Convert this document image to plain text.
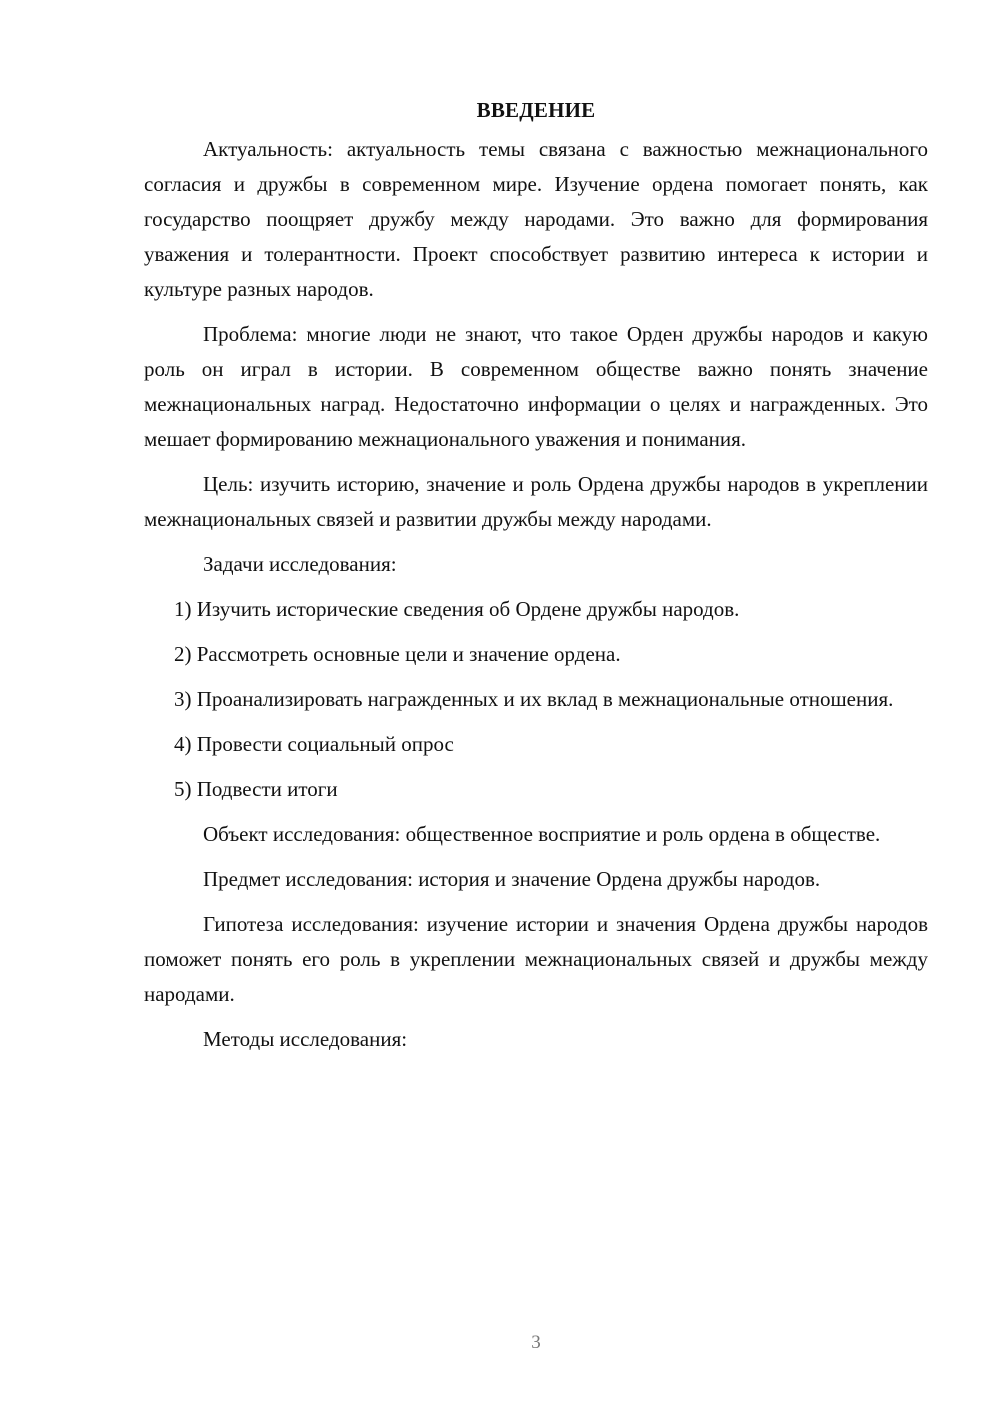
ВВЕДЕНИЕ

Актуальность: актуальность темы связана с важностью межнационального согласия и дружбы в современном мире. Изучение ордена помогает понять, как государство поощряет дружбу между народами. Это важно для формирования уважения и толерантности. Проект способствует развитию интереса к истории и культуре разных народов.

Проблема: многие люди не знают, что такое Орден дружбы народов и какую роль он играл в истории. В современном обществе важно понять значение межнациональных наград. Недостаточно информации о целях и награжденных. Это мешает формированию межнационального уважения и понимания.

Цель: изучить историю, значение и роль Ордена дружбы народов в укреплении межнациональных связей и развитии дружбы между народами.

Задачи исследования:

1) Изучить исторические сведения об Ордене дружбы народов.

2) Рассмотреть основные цели и значение ордена.

3) Проанализировать награжденных и их вклад в межнациональные отношения.

4) Провести социальный опрос

5) Подвести итоги

Объект исследования: общественное восприятие и роль ордена в обществе.

Предмет исследования: история и значение Ордена дружбы народов.

Гипотеза исследования: изучение истории и значения Ордена дружбы народов поможет понять его роль в укреплении межнациональных связей и дружбы между народами.

Методы исследования:

3
